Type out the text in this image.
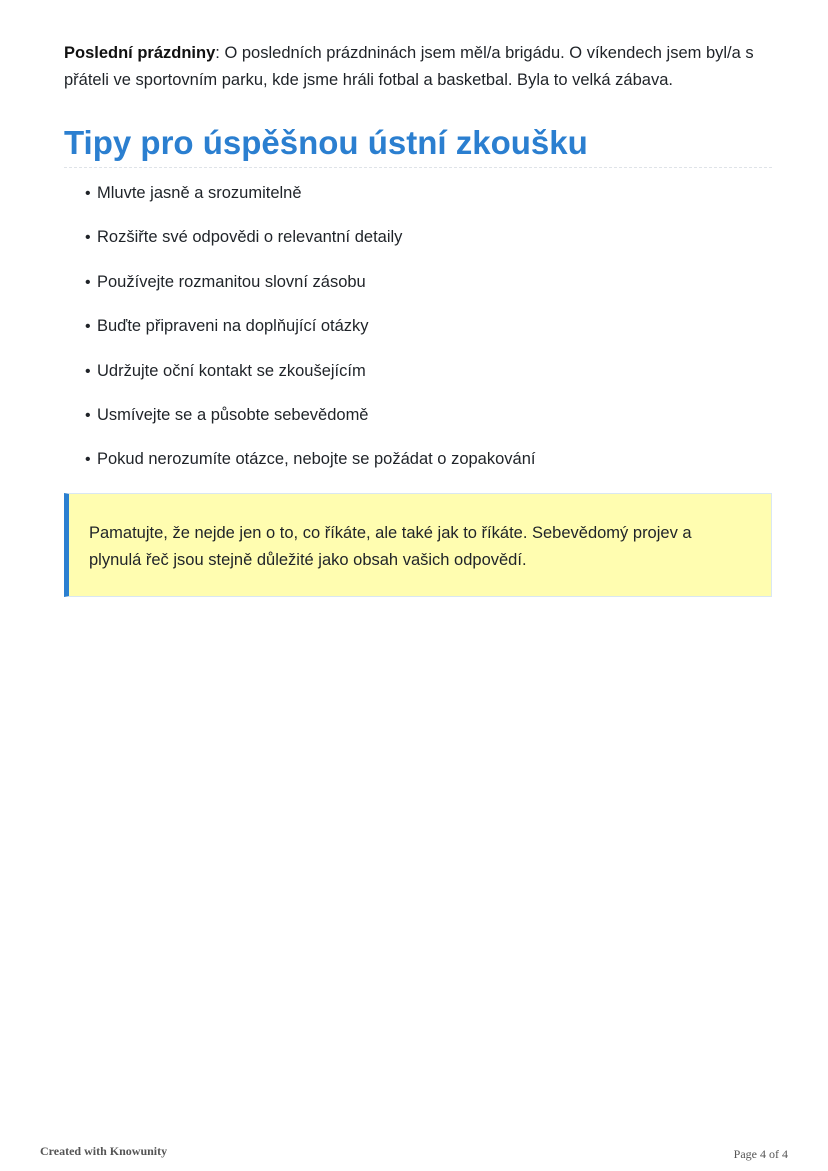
Poslední prázdniny: O posledních prázdninách jsem měl/a brigádu. O víkendech jsem byl/a s přáteli ve sportovním parku, kde jsme hráli fotbal a basketbal. Byla to velká zábava.

Tipy pro úspěšnou ústní zkoušku
• Mluvte jasně a srozumitelně
• Rozšiřte své odpovědi o relevantní detaily
• Používejte rozmanitou slovní zásobu
• Buďte připraveni na doplňující otázky
• Udržujte oční kontakt se zkoušejícím
• Usmívejte se a působte sebevědomě
• Pokud nerozumíte otázce, nebojte se požádat o zopakování
Pamatujte, že nejde jen o to, co říkáte, ale také jak to říkáte. Sebevědomý projev a plynulá řeč jsou stejně důležité jako obsah vašich odpovědí.
Created with Knowunity	Page 4 of 4
